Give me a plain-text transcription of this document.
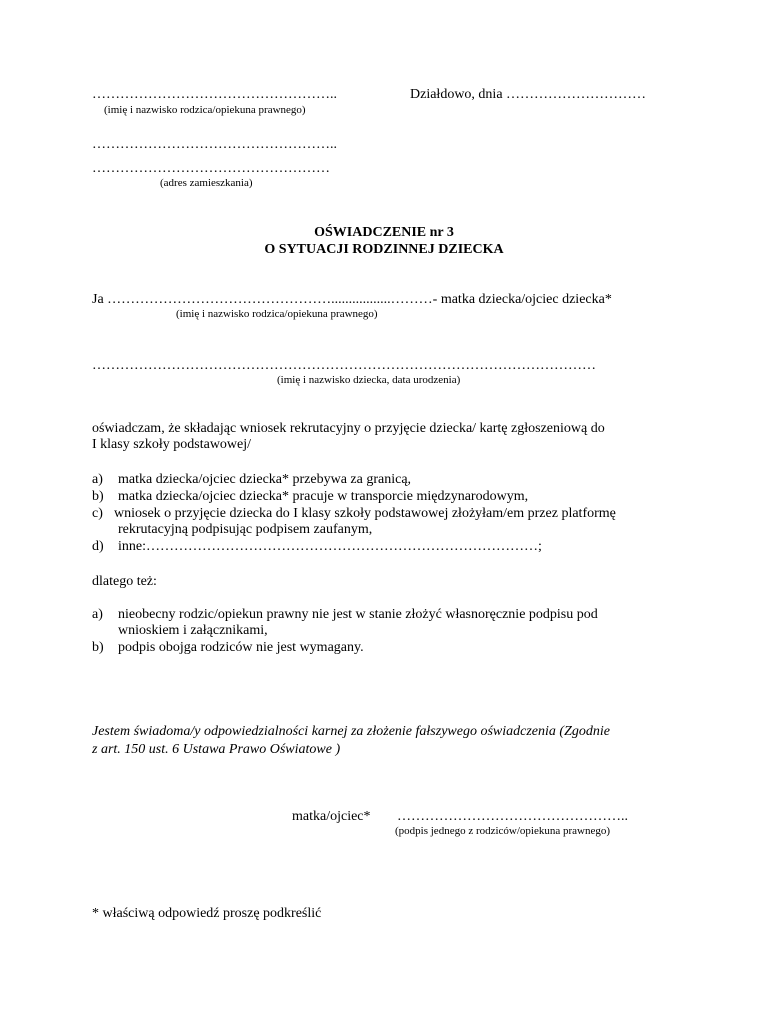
……………………………………………..
(imię i nazwisko rodzica/opiekuna prawnego)
Działdowo, dnia …………………………
……………………………………………..
……………………………………………
(adres zamieszkania)
OŚWIADCZENIE nr 3
O SYTUACJI RODZINNEJ DZIECKA
Ja ………………………………………….................………- matka dziecka/ojciec dziecka*
(imię i nazwisko rodzica/opiekuna prawnego)
………………………………………………………………………………………………
(imię i nazwisko dziecka, data urodzenia)
oświadczam, że składając wniosek rekrutacyjny o przyjęcie dziecka/ kartę zgłoszeniową do
I klasy szkoły podstawowej/
a) matka dziecka/ojciec dziecka* przebywa za granicą,
b) matka dziecka/ojciec dziecka* pracuje w transporcie międzynarodowym,
c) wniosek o przyjęcie dziecka do I klasy szkoły podstawowej złożyłam/em przez platformę
rekrutacyjną podpisując podpisem zaufanym,
d) inne:…………………………………………………………………………;
dlatego też:
a) nieobecny rodzic/opiekun prawny nie jest w stanie złożyć własnoręcznie podpisu pod
wnioskiem i załącznikami,
b) podpis obojga rodziców nie jest wymagany.
Jestem świadoma/y odpowiedzialności karnej za złożenie fałszywego oświadczenia (Zgodnie
z art. 150 ust. 6 Ustawa Prawo Oświatowe )
matka/ojciec* …………………………………………..
(podpis jednego z rodziców/opiekuna prawnego)
* właściwą odpowiedź proszę podkreślić
